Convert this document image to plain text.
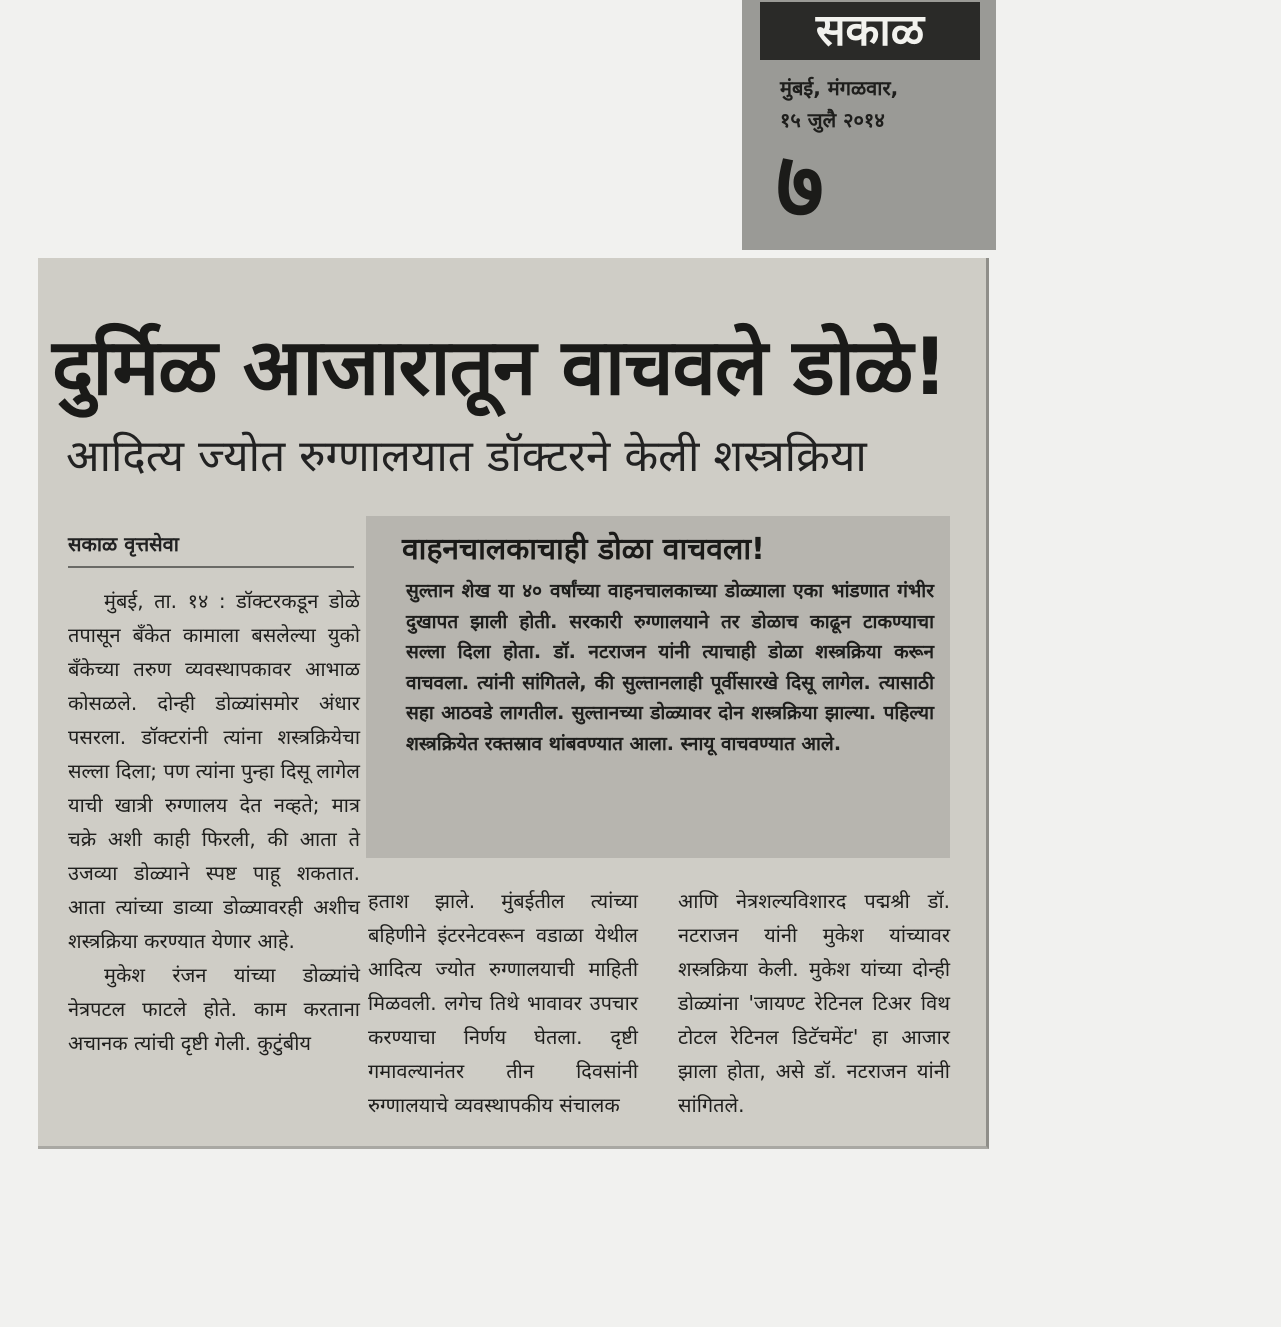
सकाळ
मुंबई, मंगळवार,
१५ जुलै २०१४
७
दुर्मिळ आजारातून वाचवले डोळे!
आदित्य ज्योत रुग्णालयात डॉक्टरने केली शस्त्रक्रिया
सकाळ वृत्तसेवा

मुंबई, ता. १४ : डॉक्टरकडून डोळे तपासून बॅंकेत कामाला बसलेल्या युको बॅंकेच्या तरुण व्यवस्थापकावर आभाळ कोसळले. दोन्ही डोळ्यांसमोर अंधार पसरला. डॉक्टरांनी त्यांना शस्त्रक्रियेचा सल्ला दिला; पण त्यांना पुन्हा दिसू लागेल याची खात्री रुग्णालय देत नव्हते; मात्र चक्रे अशी काही फिरली, की आता ते उजव्या डोळ्याने स्पष्ट पाहू शकतात. आता त्यांच्या डाव्या डोळ्यावरही अशीच शस्त्रक्रिया करण्यात येणार आहे.

मुकेश रंजन यांच्या डोळ्यांचे नेत्रपटल फाटले होते. काम करताना अचानक त्यांची दृष्टी गेली. कुटुंबीय

वाहनचालकाचाही डोळा वाचवला!
सुल्तान शेख या ४० वर्षांच्या वाहनचालकाच्या डोळ्याला एका भांडणात गंभीर दुखापत झाली होती. सरकारी रुग्णालयाने तर डोळाच काढून टाकण्याचा सल्ला दिला होता. डॉ. नटराजन यांनी त्याचाही डोळा शस्त्रक्रिया करून वाचवला. त्यांनी सांगितले, की सुल्तानलाही पूर्वीसारखे दिसू लागेल. त्यासाठी सहा आठवडे लागतील. सुल्तानच्या डोळ्यावर दोन शस्त्रक्रिया झाल्या. पहिल्या शस्त्रक्रियेत रक्तस्राव थांबवण्यात आला. स्नायू वाचवण्यात आले.

हताश झाले. मुंबईतील त्यांच्या बहिणीने इंटरनेटवरून वडाळा येथील आदित्य ज्योत रुग्णालयाची माहिती मिळवली. लगेच तिथे भावावर उपचार करण्याचा निर्णय घेतला. दृष्टी गमावल्यानंतर तीन दिवसांनी रुग्णालयाचे व्यवस्थापकीय संचालक

आणि नेत्रशल्यविशारद पद्मश्री डॉ. नटराजन यांनी मुकेश यांच्यावर शस्त्रक्रिया केली. मुकेश यांच्या दोन्ही डोळ्यांना 'जायण्ट रेटिनल टिअर विथ टोटल रेटिनल डिटॅचमेंट' हा आजार झाला होता, असे डॉ. नटराजन यांनी सांगितले.
